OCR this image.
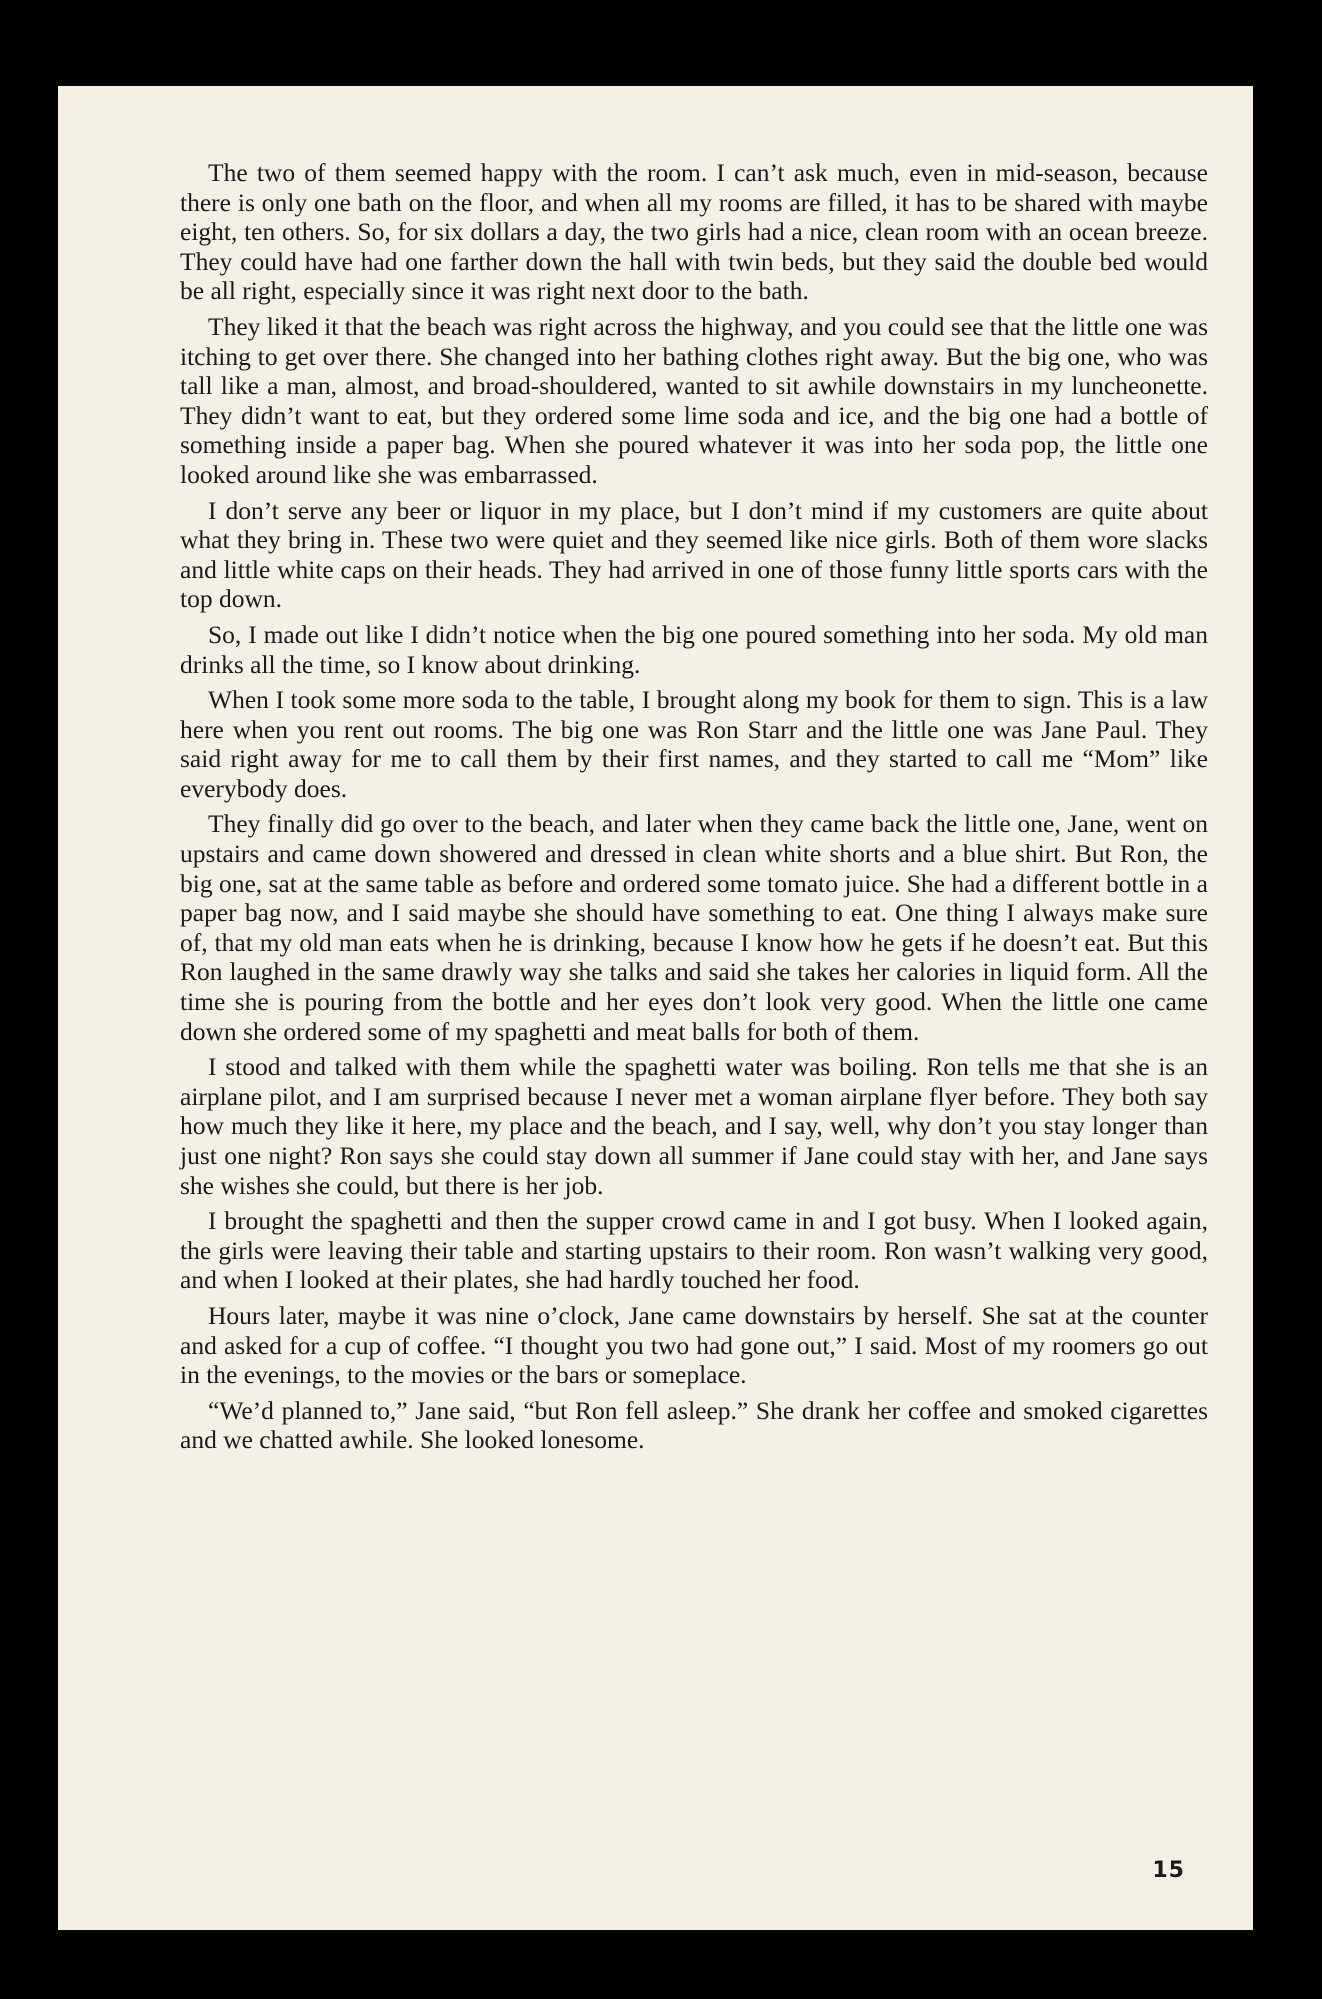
The two of them seemed happy with the room. I can’t ask much, even in mid-season, because there is only one bath on the floor, and when all my rooms are filled, it has to be shared with maybe eight, ten others. So, for six dollars a day, the two girls had a nice, clean room with an ocean breeze. They could have had one farther down the hall with twin beds, but they said the double bed would be all right, especially since it was right next door to the bath.

They liked it that the beach was right across the highway, and you could see that the little one was itching to get over there. She changed into her bathing clothes right away. But the big one, who was tall like a man, almost, and broad-shouldered, wanted to sit awhile downstairs in my luncheonette. They didn’t want to eat, but they ordered some lime soda and ice, and the big one had a bottle of something inside a paper bag. When she poured whatever it was into her soda pop, the little one looked around like she was embarrassed.

I don’t serve any beer or liquor in my place, but I don’t mind if my customers are quite about what they bring in. These two were quiet and they seemed like nice girls. Both of them wore slacks and little white caps on their heads. They had arrived in one of those funny little sports cars with the top down.

So, I made out like I didn’t notice when the big one poured something into her soda. My old man drinks all the time, so I know about drinking.

When I took some more soda to the table, I brought along my book for them to sign. This is a law here when you rent out rooms. The big one was Ron Starr and the little one was Jane Paul. They said right away for me to call them by their first names, and they started to call me “Mom” like everybody does.

They finally did go over to the beach, and later when they came back the little one, Jane, went on upstairs and came down showered and dressed in clean white shorts and a blue shirt. But Ron, the big one, sat at the same table as before and ordered some tomato juice. She had a different bottle in a paper bag now, and I said maybe she should have something to eat. One thing I always make sure of, that my old man eats when he is drinking, because I know how he gets if he doesn’t eat. But this Ron laughed in the same drawly way she talks and said she takes her calories in liquid form. All the time she is pouring from the bottle and her eyes don’t look very good. When the little one came down she ordered some of my spaghetti and meat balls for both of them.

I stood and talked with them while the spaghetti water was boiling. Ron tells me that she is an airplane pilot, and I am surprised because I never met a woman airplane flyer before. They both say how much they like it here, my place and the beach, and I say, well, why don’t you stay longer than just one night? Ron says she could stay down all summer if Jane could stay with her, and Jane says she wishes she could, but there is her job.

I brought the spaghetti and then the supper crowd came in and I got busy. When I looked again, the girls were leaving their table and starting upstairs to their room. Ron wasn’t walking very good, and when I looked at their plates, she had hardly touched her food.

Hours later, maybe it was nine o’clock, Jane came downstairs by herself. She sat at the counter and asked for a cup of coffee. “I thought you two had gone out,” I said. Most of my roomers go out in the evenings, to the movies or the bars or someplace.

“We’d planned to,” Jane said, “but Ron fell asleep.” She drank her coffee and smoked cigarettes and we chatted awhile. She looked lonesome.

15
